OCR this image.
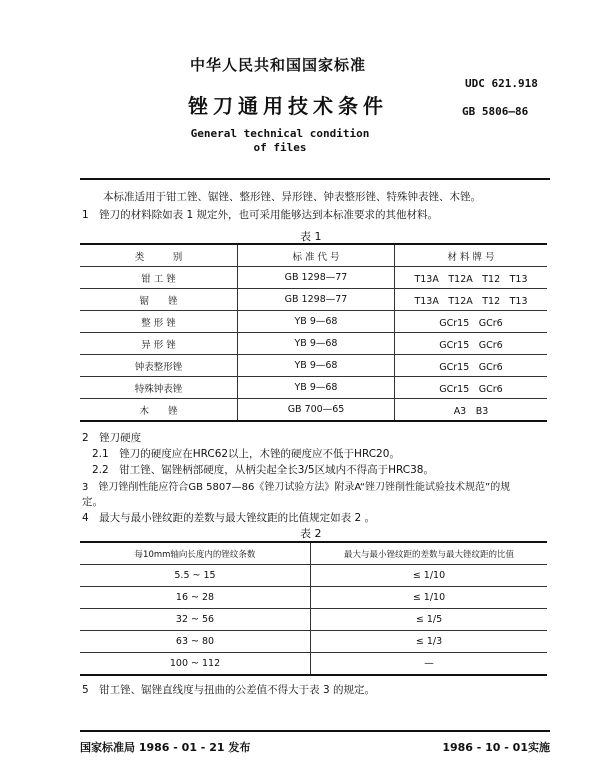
中华人民共和国国家标准
UDC 621.918
锉刀通用技术条件	GB 5806—86
General technical condition
of files
本标准适用于钳工锉、锯锉、整形锉、异形锉、钟表整形锉、特殊钟表锉、木锉。
1　锉刀的材料除如表 1 规定外，也可采用能够达到本标准要求的其他材料。
表 1
类　　　别	标 准 代 号	材 料 牌 号
钳 工 锉	GB 1298—77	T13A　T12A　T12　T13
锯　　锉	GB 1298—77	T13A　T12A　T12　T13
整 形 锉	YB 9—68	GCr15　GCr6
异 形 锉	YB 9—68	GCr15　GCr6
钟表整形锉	YB 9—68	GCr15　GCr6
特殊钟表锉	YB 9—68	GCr15　GCr6
木　　锉	GB 700—65	A3　B3
2　锉刀硬度
2.1　锉刀的硬度应在HRC62以上，木锉的硬度应不低于HRC20。
2.2　钳工锉、锯锉柄部硬度，从柄尖起全长3/5区域内不得高于HRC38。
3　锉刀锉削性能应符合GB 5807—86《锉刀试验方法》附录A“锉刀锉削性能试验技术规范”的规
定。
4　最大与最小锉纹距的差数与最大锉纹距的比值规定如表 2 。
表 2
每10mm轴向长度内的锉纹条数	最大与最小锉纹距的差数与最大锉纹距的比值
5.5 ~ 15	≤ 1/10
16 ~ 28	≤ 1/10
32 ~ 56	≤ 1/5
63 ~ 80	≤ 1/3
100 ~ 112	—
5　钳工锉、锯锉直线度与扭曲的公差值不得大于表 3 的规定。
国家标准局 1986 - 01 - 21 发布	1986 - 10 - 01实施
